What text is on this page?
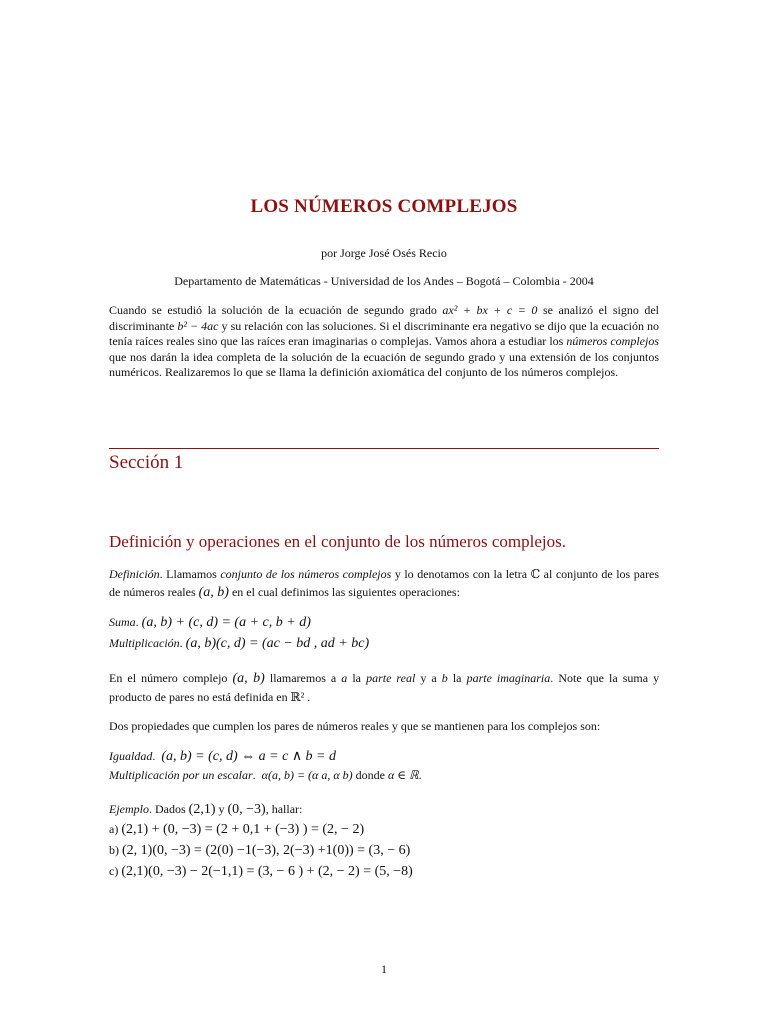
LOS NÚMEROS COMPLEJOS
por Jorge José Osés Recio
Departamento de Matemáticas - Universidad de los Andes – Bogotá – Colombia - 2004
Cuando se estudió la solución de la ecuación de segundo grado ax² + bx + c = 0 se analizó el signo del discriminante b² − 4ac y su relación con las soluciones. Si el discriminante era negativo se dijo que la ecuación no tenía raíces reales sino que las raíces eran imaginarias o complejas. Vamos ahora a estudiar los números complejos que nos darán la idea completa de la solución de la ecuación de segundo grado y una extensión de los conjuntos numéricos. Realizaremos lo que se llama la definición axiomática del conjunto de los números complejos.
Sección 1
Definición y operaciones en el conjunto de los números complejos.
Definición. Llamamos conjunto de los números complejos y lo denotamos con la letra ℂ al conjunto de los pares de números reales (a, b) en el cual definimos las siguientes operaciones:
Suma. (a, b) + (c, d) = (a + c, b + d)
Multiplicación. (a, b)(c, d) = (ac − bd , ad + bc)
En el número complejo (a, b) llamaremos a a la parte real y a b la parte imaginaria. Note que la suma y producto de pares no está definida en ℝ² .
Dos propiedades que cumplen los pares de números reales y que se mantienen para los complejos son:
Igualdad.  (a, b) = (c, d) ⇔ a = c ∧ b = d
Multiplicación por un escalar.  α(a, b) = (α a, α b) donde α ∈ ℝ.
Ejemplo. Dados (2,1) y (0, −3), hallar:
a) (2,1) + (0, −3) = (2 + 0,1 + (−3) ) = (2, − 2)
b) (2, 1)(0, −3) = (2(0) −1(−3), 2(−3) +1(0)) = (3, − 6)
c) (2,1)(0, −3) − 2(−1,1) = (3, − 6 ) + (2, − 2) = (5, −8)
1
